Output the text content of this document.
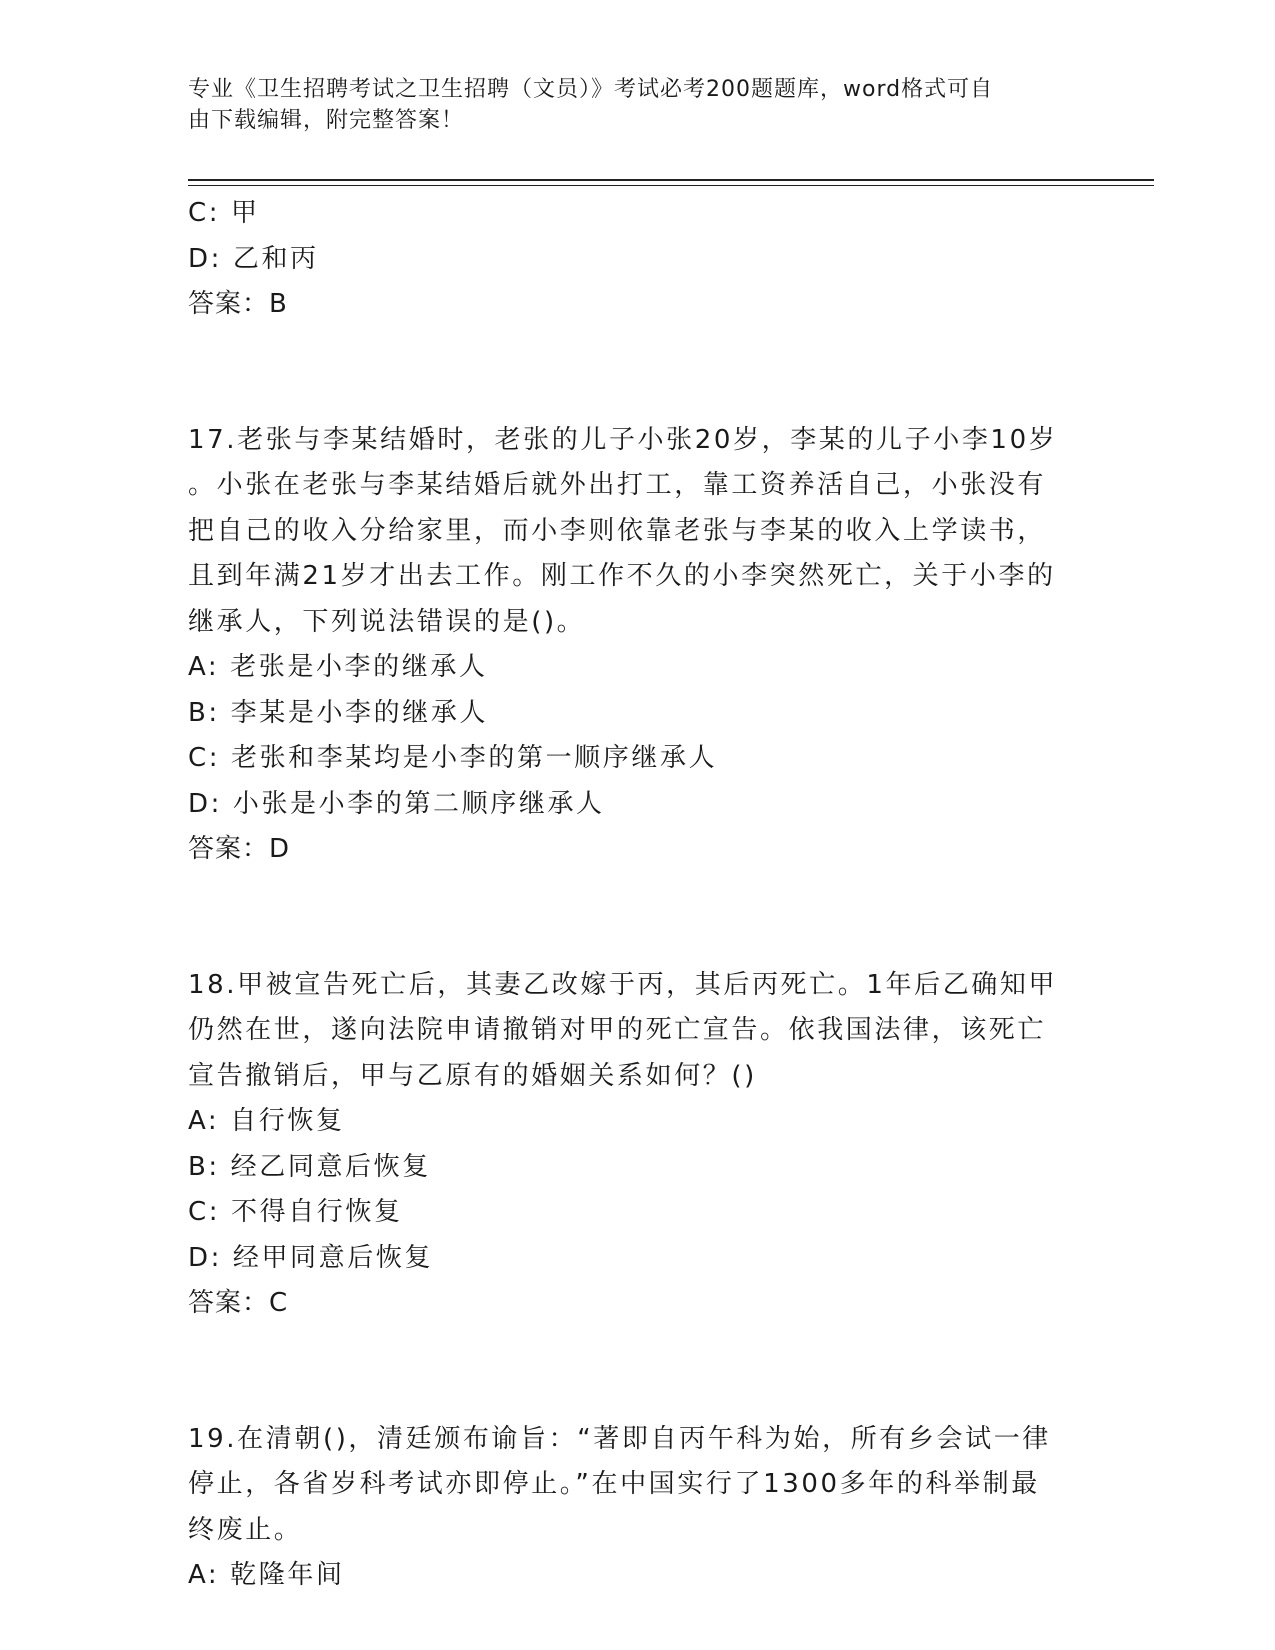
专业《卫生招聘考试之卫生招聘（文员）》考试必考200题题库，word格式可自
由下载编辑，附完整答案！
C: 甲
D: 乙和丙
答案：B
17.老张与李某结婚时，老张的儿子小张20岁，李某的儿子小李10岁
。小张在老张与李某结婚后就外出打工，靠工资养活自己，小张没有
把自己的收入分给家里，而小李则依靠老张与李某的收入上学读书，
且到年满21岁才出去工作。刚工作不久的小李突然死亡，关于小李的
继承人，下列说法错误的是()。
A: 老张是小李的继承人
B: 李某是小李的继承人
C: 老张和李某均是小李的第一顺序继承人
D: 小张是小李的第二顺序继承人
答案：D
18.甲被宣告死亡后，其妻乙改嫁于丙，其后丙死亡。1年后乙确知甲
仍然在世，遂向法院申请撤销对甲的死亡宣告。依我国法律，该死亡
宣告撤销后，甲与乙原有的婚姻关系如何？()
A: 自行恢复
B: 经乙同意后恢复
C: 不得自行恢复
D: 经甲同意后恢复
答案：C
19.在清朝()，清廷颁布谕旨：“著即自丙午科为始，所有乡会试一律
停止，各省岁科考试亦即停止。”在中国实行了1300多年的科举制最
终废止。
A: 乾隆年间
